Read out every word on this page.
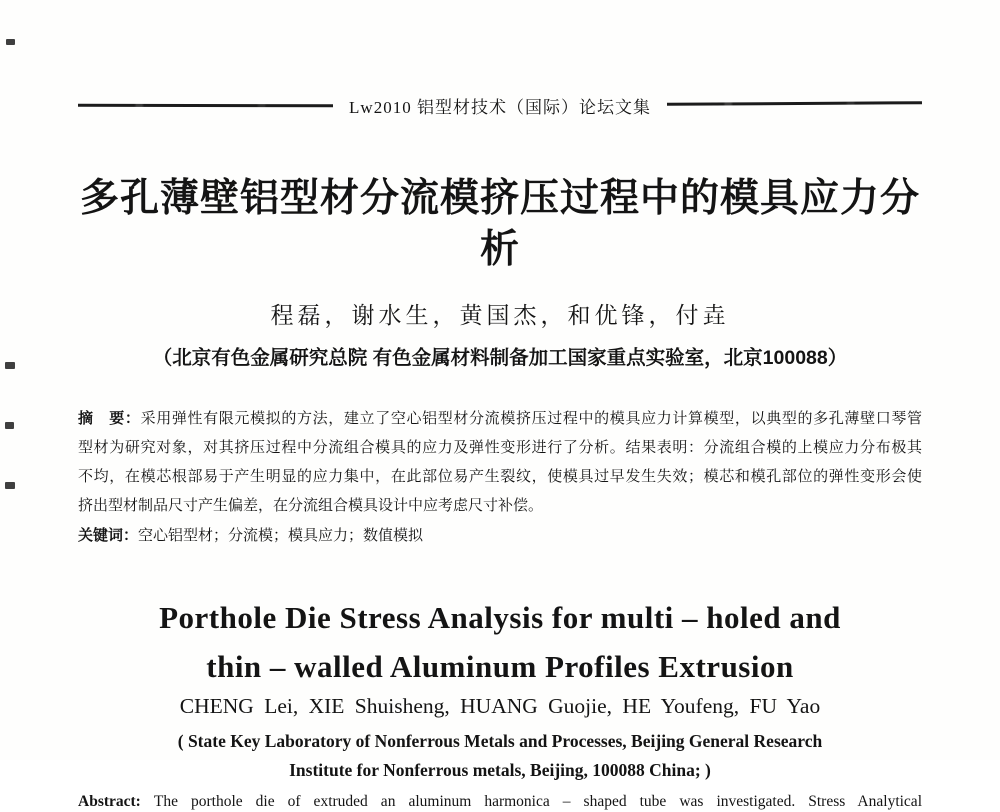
Lw2010 铝型材技术（国际）论坛文集
多孔薄壁铝型材分流模挤压过程中的模具应力分析
程磊，谢水生，黄国杰，和优锋，付垚
（北京有色金属研究总院 有色金属材料制备加工国家重点实验室，北京100088）
摘　要：采用弹性有限元模拟的方法，建立了空心铝型材分流模挤压过程中的模具应力计算模型，以典型的多孔薄壁口琴管
型材为研究对象，对其挤压过程中分流组合模具的应力及弹性变形进行了分析。结果表明：分流组合模的上模应力分布极其
不均，在模芯根部易于产生明显的应力集中，在此部位易产生裂纹，使模具过早发生失效；模芯和模孔部位的弹性变形会使
挤出型材制品尺寸产生偏差，在分流组合模具设计中应考虑尺寸补偿。
关键词：空心铝型材；分流模；模具应力；数值模拟
Porthole Die Stress Analysis for multi – holed and
thin – walled Aluminum Profiles Extrusion
CHENG Lei, XIE Shuisheng, HUANG Guojie, HE Youfeng, FU Yao
( State Key Laboratory of Nonferrous Metals and Processes, Beijing General Research
Institute for Nonferrous metals, Beijing, 100088 China; )
Abstract: The porthole die of extruded an aluminum harmonica – shaped tube was investigated. Stress Analytical
